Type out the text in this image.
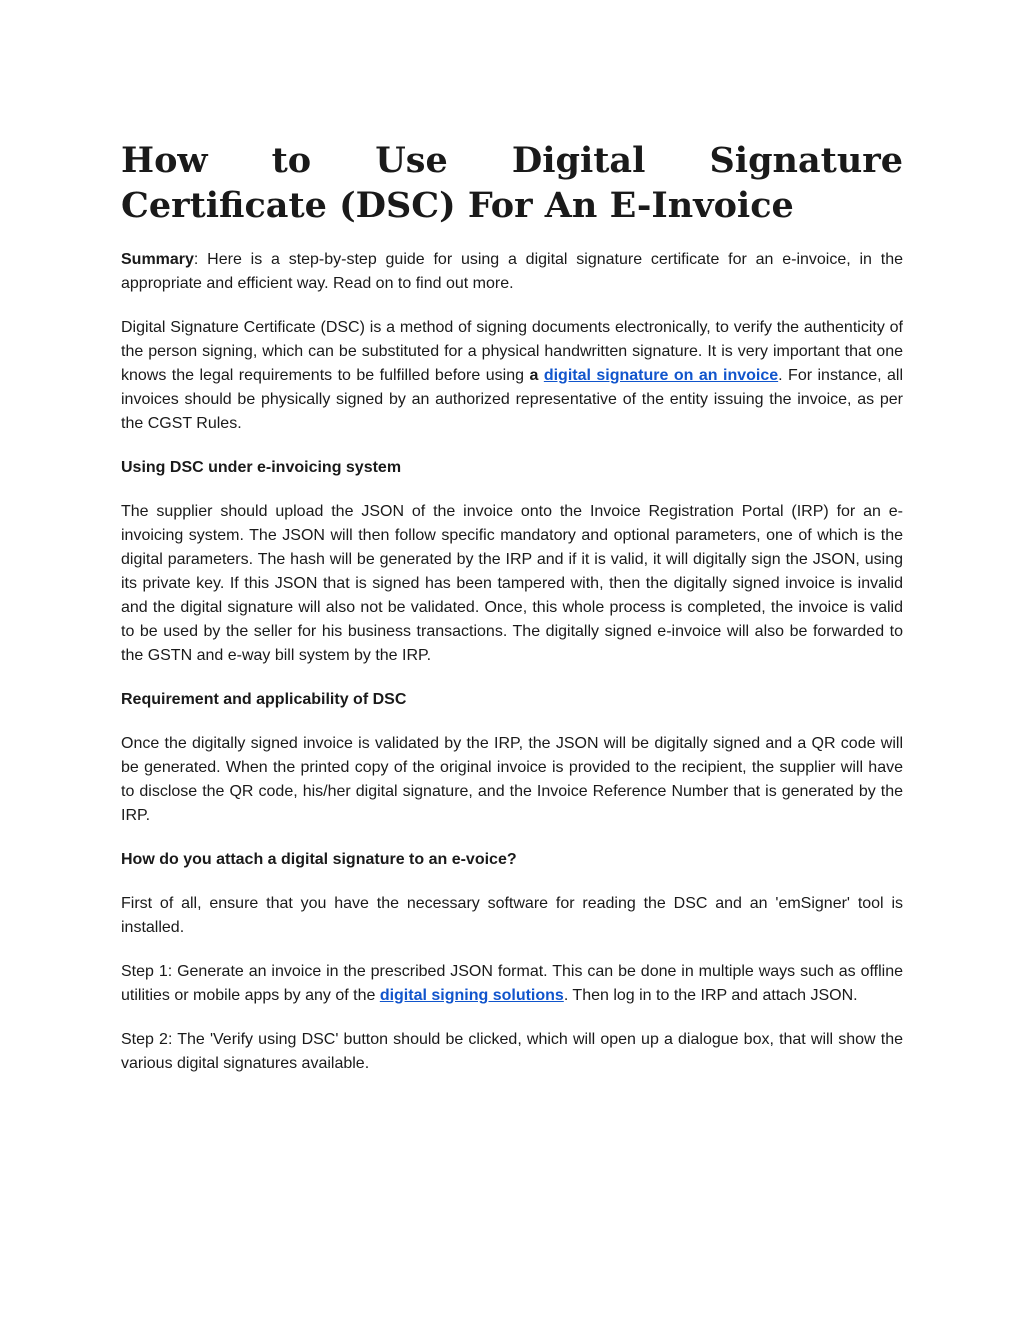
How to Use Digital Signature Certificate (DSC) For An E-Invoice

Summary: Here is a step-by-step guide for using a digital signature certificate for an e-invoice, in the appropriate and efficient way. Read on to find out more.

Digital Signature Certificate (DSC) is a method of signing documents electronically, to verify the authenticity of the person signing, which can be substituted for a physical handwritten signature. It is very important that one knows the legal requirements to be fulfilled before using a digital signature on an invoice. For instance, all invoices should be physically signed by an authorized representative of the entity issuing the invoice, as per the CGST Rules.

Using DSC under e-invoicing system

The supplier should upload the JSON of the invoice onto the Invoice Registration Portal (IRP) for an e-invoicing system. The JSON will then follow specific mandatory and optional parameters, one of which is the digital parameters. The hash will be generated by the IRP and if it is valid, it will digitally sign the JSON, using its private key. If this JSON that is signed has been tampered with, then the digitally signed invoice is invalid and the digital signature will also not be validated. Once, this whole process is completed, the invoice is valid to be used by the seller for his business transactions. The digitally signed e-invoice will also be forwarded to the GSTN and e-way bill system by the IRP.

Requirement and applicability of DSC

Once the digitally signed invoice is validated by the IRP, the JSON will be digitally signed and a QR code will be generated. When the printed copy of the original invoice is provided to the recipient, the supplier will have to disclose the QR code, his/her digital signature, and the Invoice Reference Number that is generated by the IRP.

How do you attach a digital signature to an e-voice?

First of all, ensure that you have the necessary software for reading the DSC and an 'emSigner' tool is installed.

Step 1: Generate an invoice in the prescribed JSON format. This can be done in multiple ways such as offline utilities or mobile apps by any of the digital signing solutions. Then log in to the IRP and attach JSON.

Step 2: The 'Verify using DSC' button should be clicked, which will open up a dialogue box, that will show the various digital signatures available.
